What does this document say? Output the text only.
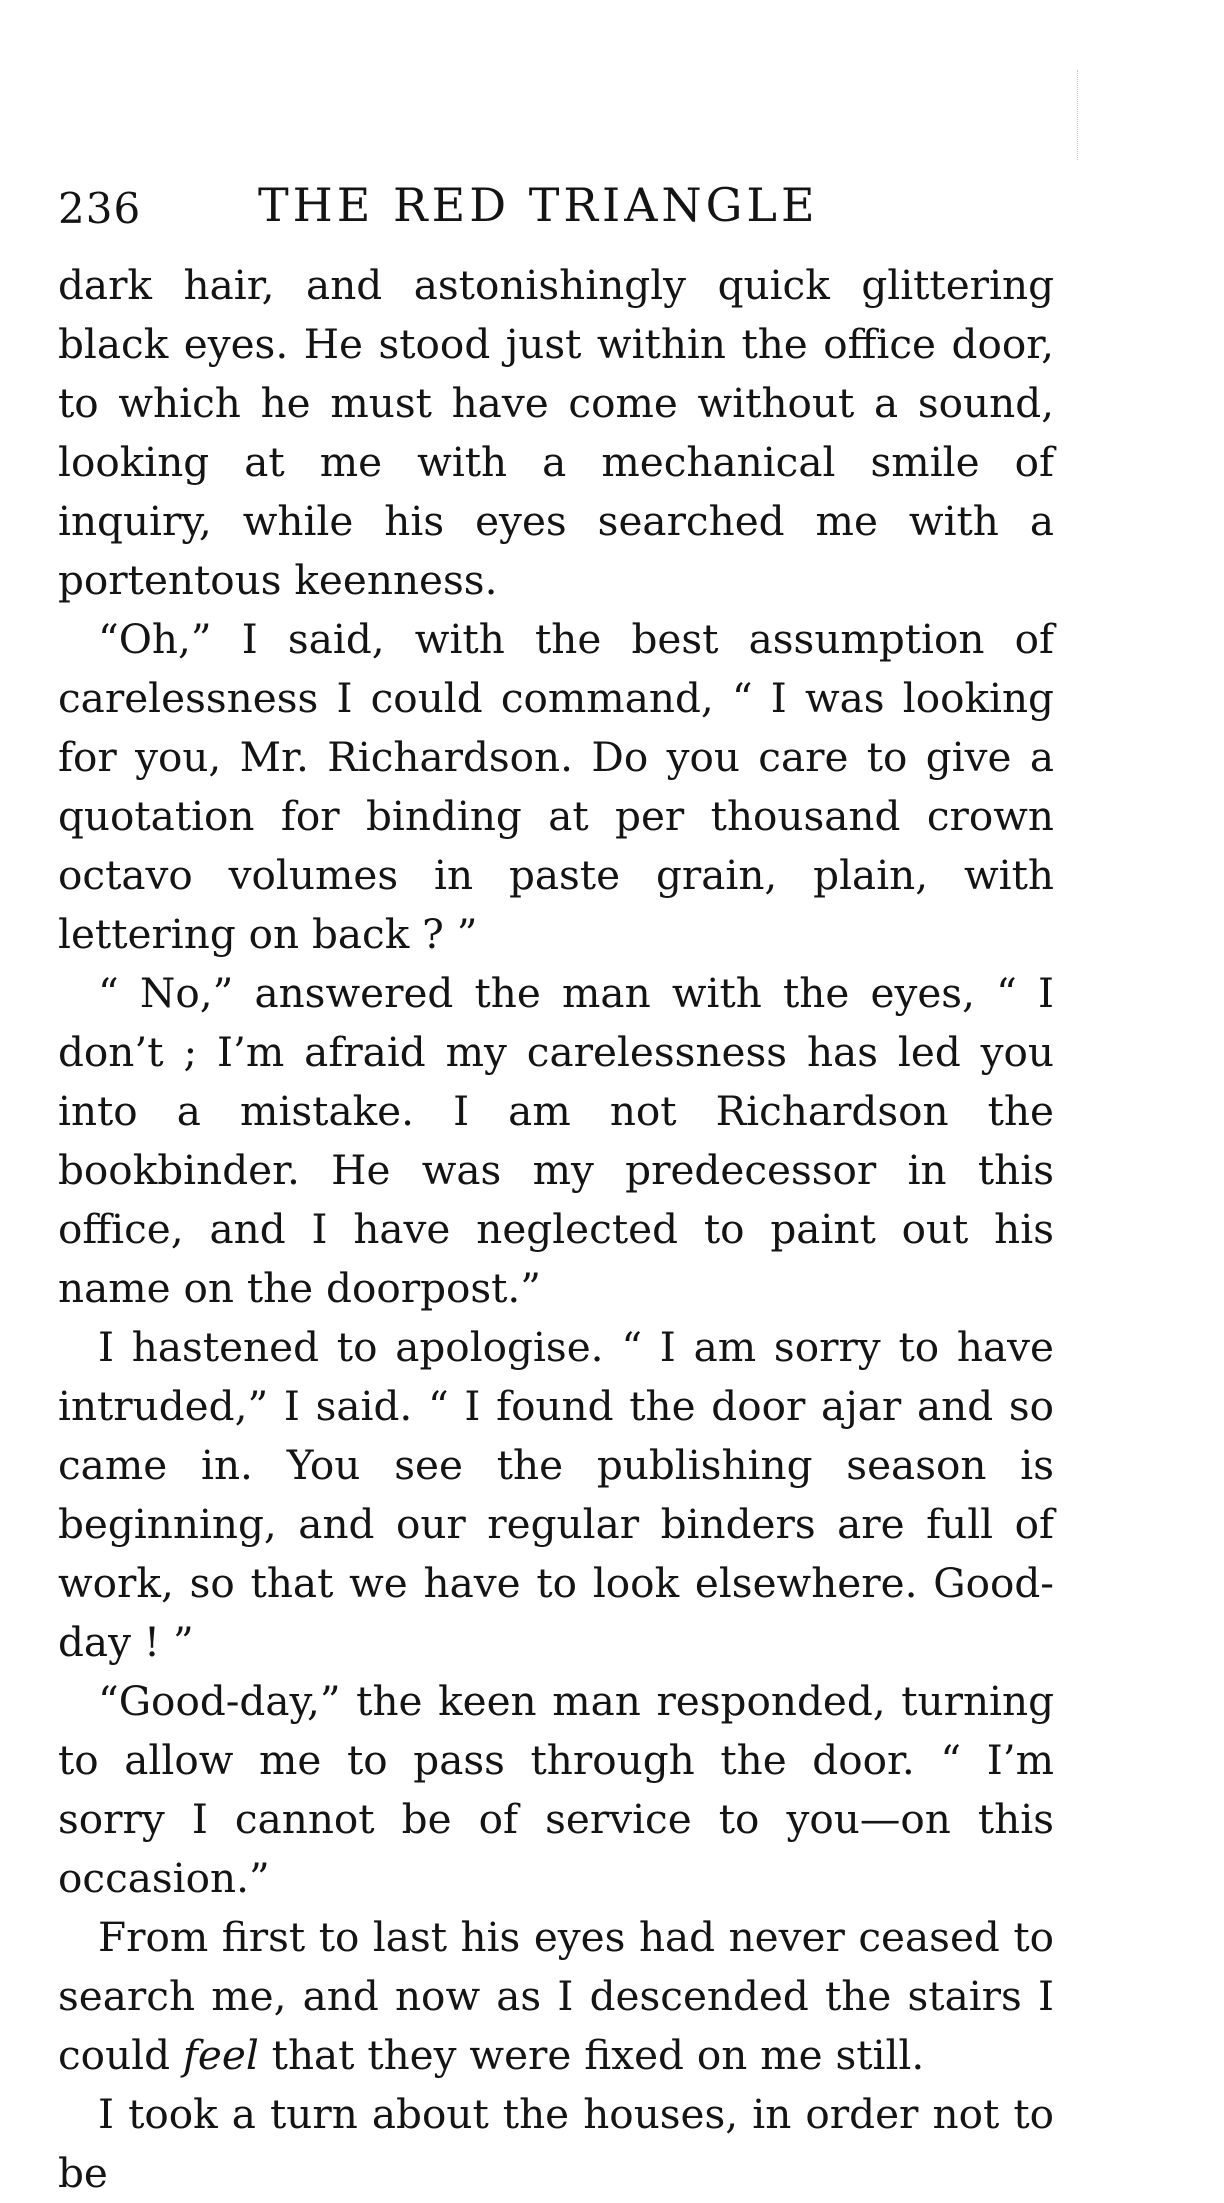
236	THE RED TRIANGLE

dark hair, and astonishingly quick glittering black eyes. He stood just within the office door, to which he must have come without a sound, looking at me with a mechanical smile of inquiry, while his eyes searched me with a portentous keenness.

“Oh,” I said, with the best assumption of carelessness I could command, “ I was looking for you, Mr. Richardson. Do you care to give a quotation for binding at per thousand crown octavo volumes in paste grain, plain, with lettering on back ? ”

“ No,” answered the man with the eyes, “ I don’t ; I’m afraid my carelessness has led you into a mistake. I am not Richardson the bookbinder. He was my predecessor in this office, and I have neglected to paint out his name on the doorpost.”

I hastened to apologise. “ I am sorry to have intruded,” I said. “ I found the door ajar and so came in. You see the publishing season is beginning, and our regular binders are full of work, so that we have to look elsewhere. Good-day ! ”

“Good-day,” the keen man responded, turning to allow me to pass through the door. “ I’m sorry I cannot be of service to you—on this occasion.”

From first to last his eyes had never ceased to search me, and now as I descended the stairs I could feel that they were fixed on me still.

I took a turn about the houses, in order not to be
